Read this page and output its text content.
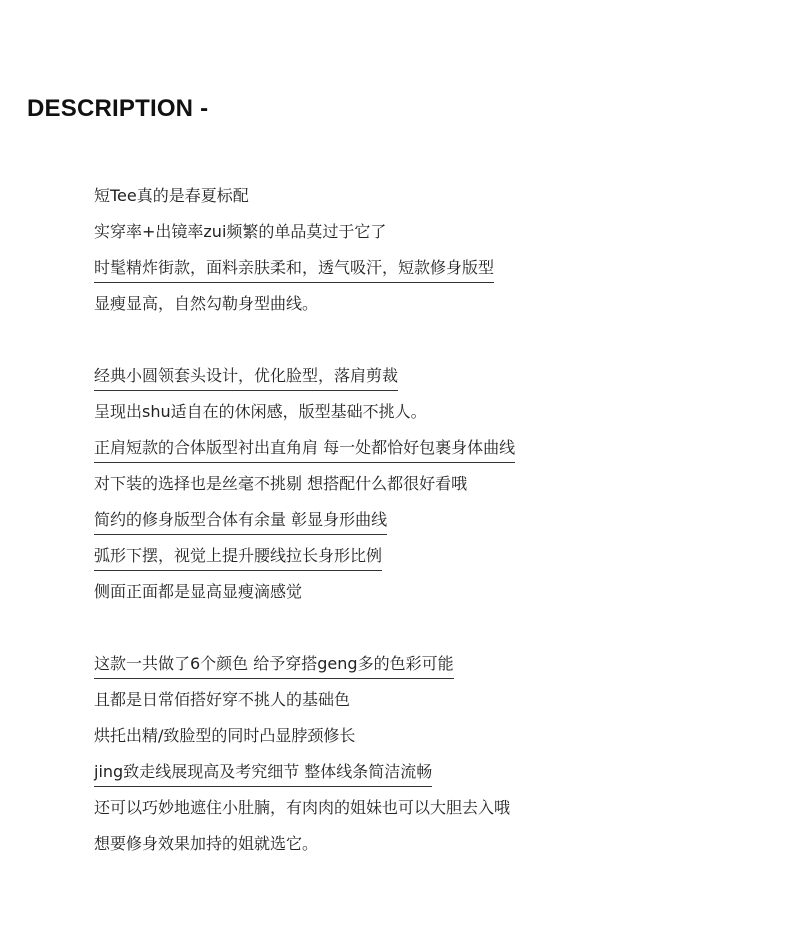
DESCRIPTION -
短Tee真的是春夏标配
实穿率+出镜率zui频繁的单品莫过于它了
时髦精炸街款，面料亲肤柔和，透气吸汗，短款修身版型
显瘦显高，自然勾勒身型曲线。
经典小圆领套头设计，优化脸型，落肩剪裁
呈现出shu适自在的休闲感，版型基础不挑人。
正肩短款的合体版型衬出直角肩 每一处都恰好包裹身体曲线
对下装的选择也是丝毫不挑剔 想搭配什么都很好看哦
简约的修身版型合体有余量 彰显身形曲线
弧形下摆，视觉上提升腰线拉长身形比例
侧面正面都是显高显瘦滴感觉
这款一共做了6个颜色 给予穿搭geng多的色彩可能
且都是日常佰搭好穿不挑人的基础色
烘托出精/致脸型的同时凸显脖颈修长
jing致走线展现高及考究细节 整体线条简洁流畅
还可以巧妙地遮住小肚腩，有肉肉的姐妹也可以大胆去入哦
想要修身效果加持的姐就选它。
